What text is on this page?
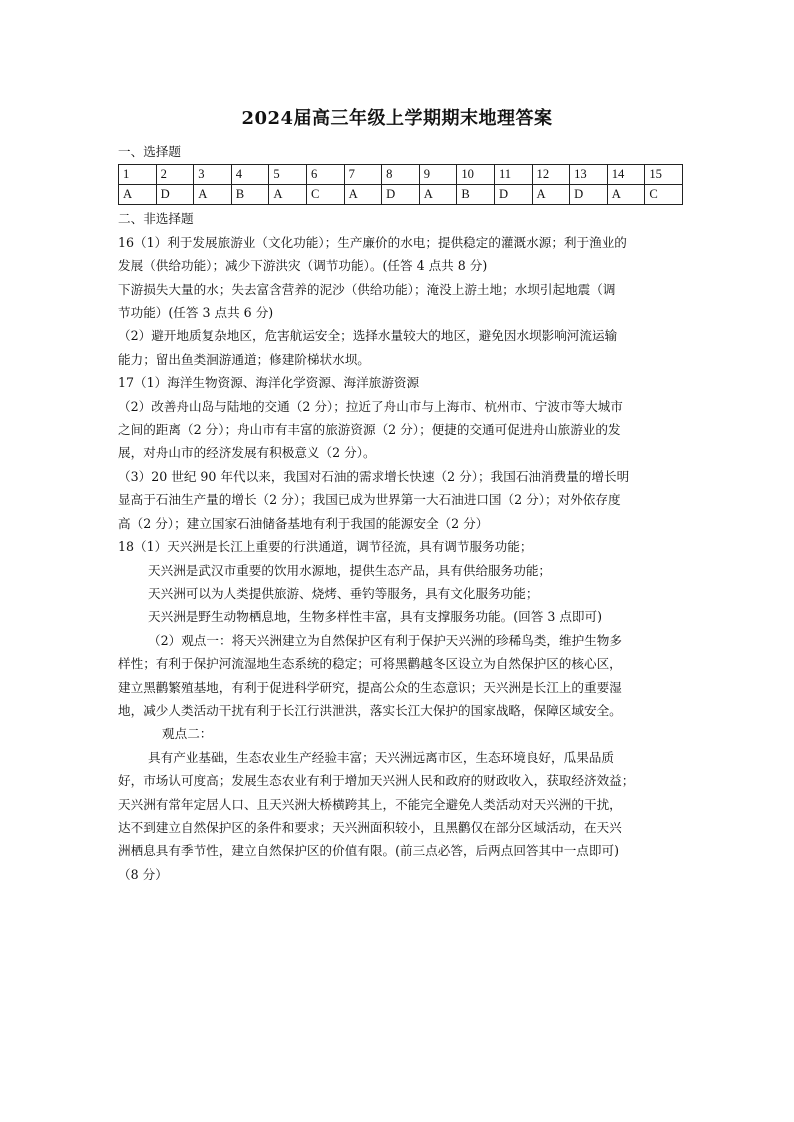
2024届高三年级上学期期末地理答案
一、选择题
1	2	3	4	5	6	7	8	9	10	11	12	13	14	15
A	D	A	B	A	C	A	D	A	B	D	A	D	A	C
二、非选择题
16（1）利于发展旅游业（文化功能）；生产廉价的水电；提供稳定的灌溉水源；利于渔业的
发展（供给功能）；减少下游洪灾（调节功能）。(任答 4 点共 8 分)
下游损失大量的水；失去富含营养的泥沙（供给功能）；淹没上游土地；水坝引起地震（调
节功能）(任答 3 点共 6 分)
（2）避开地质复杂地区，危害航运安全；选择水量较大的地区，避免因水坝影响河流运输
能力；留出鱼类洄游通道；修建阶梯状水坝。
17（1）海洋生物资源、海洋化学资源、海洋旅游资源
（2）改善舟山岛与陆地的交通（2 分）；拉近了舟山市与上海市、杭州市、宁波市等大城市
之间的距离（2 分）；舟山市有丰富的旅游资源（2 分）；便捷的交通可促进舟山旅游业的发
展，对舟山市的经济发展有积极意义（2 分）。
（3）20 世纪 90 年代以来，我国对石油的需求增长快速（2 分）；我国石油消费量的增长明
显高于石油生产量的增长（2 分）；我国已成为世界第一大石油进口国（2 分）；对外依存度
高（2 分）；建立国家石油储备基地有利于我国的能源安全（2 分）
18（1）天兴洲是长江上重要的行洪通道，调节径流，具有调节服务功能；
天兴洲是武汉市重要的饮用水源地，提供生态产品，具有供给服务功能；
天兴洲可以为人类提供旅游、烧烤、垂钓等服务，具有文化服务功能；
天兴洲是野生动物栖息地，生物多样性丰富，具有支撑服务功能。(回答 3 点即可)
（2）观点一：将天兴洲建立为自然保护区有利于保护天兴洲的珍稀鸟类，维护生物多
样性；有利于保护河流湿地生态系统的稳定；可将黑鹳越冬区设立为自然保护区的核心区，
建立黑鹳繁殖基地，有利于促进科学研究，提高公众的生态意识；天兴洲是长江上的重要湿
地，减少人类活动干扰有利于长江行洪泄洪，落实长江大保护的国家战略，保障区域安全。
观点二：
具有产业基础，生态农业生产经验丰富；天兴洲远离市区，生态环境良好，瓜果品质
好，市场认可度高；发展生态农业有利于增加天兴洲人民和政府的财政收入，获取经济效益；
天兴洲有常年定居人口、且天兴洲大桥横跨其上，不能完全避免人类活动对天兴洲的干扰，
达不到建立自然保护区的条件和要求；天兴洲面积较小，且黑鹳仅在部分区域活动，在天兴
洲栖息具有季节性，建立自然保护区的价值有限。(前三点必答，后两点回答其中一点即可)
（8 分）
